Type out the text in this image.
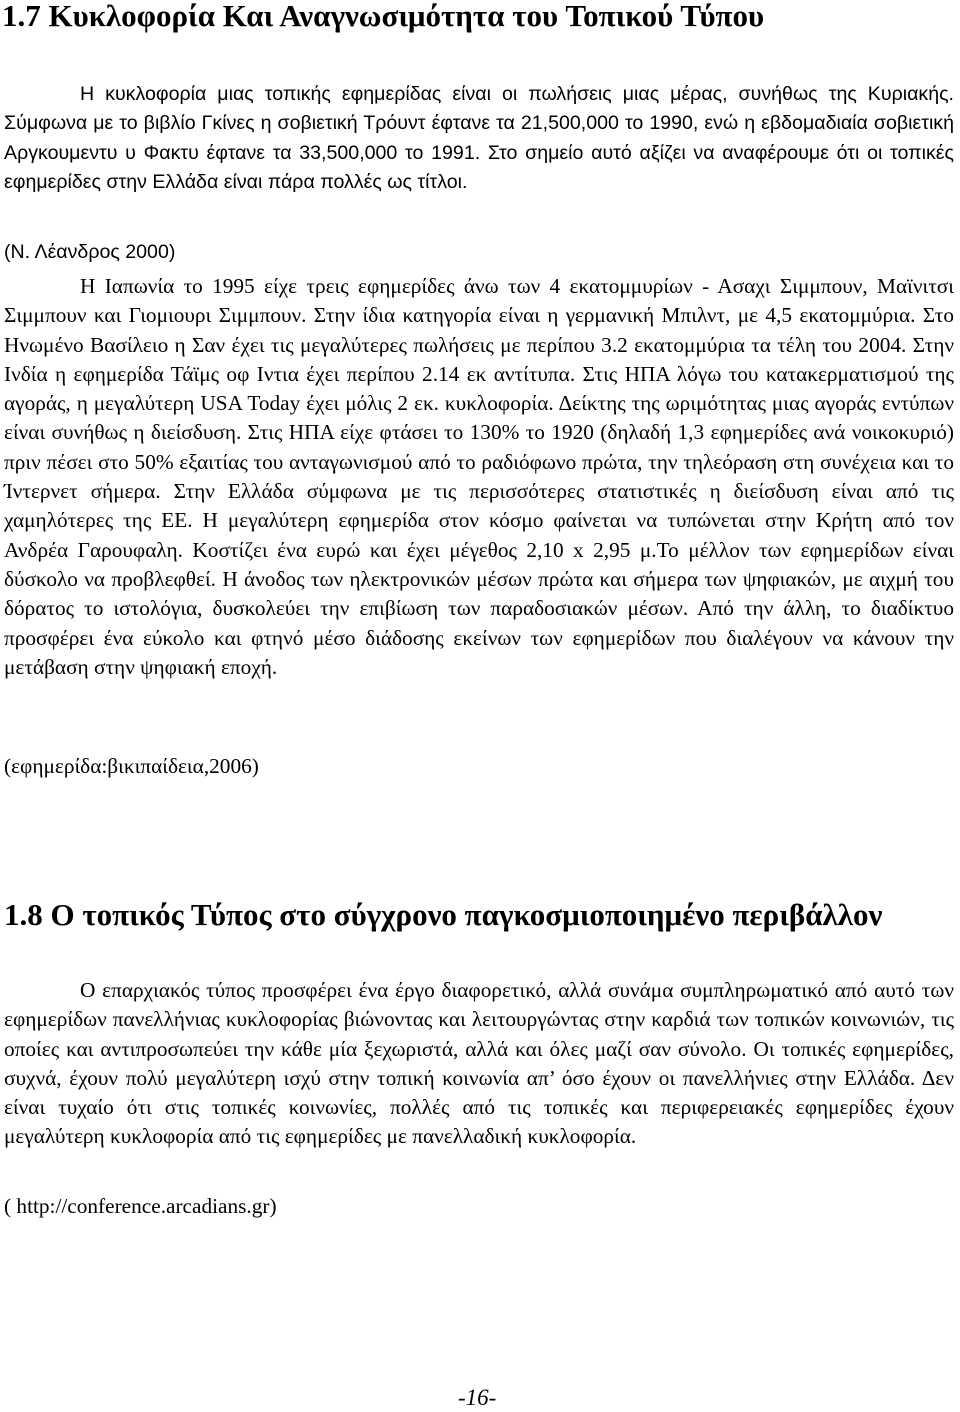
1.7 Κυκλοφορία Και Αναγνωσιμότητα του Τοπικού Τύπου

Η κυκλοφορία μιας τοπικής εφημερίδας είναι οι πωλήσεις μιας μέρας, συνήθως της Κυριακής. Σύμφωνα με το βιβλίο Γκίνες η σοβιετική Τρόυντ έφτανε τα 21,500,000 το 1990, ενώ η εβδομαδιαία σοβιετική Αργκουμεντυ υ Φακτυ έφτανε τα 33,500,000 το 1991. Στο σημείο αυτό αξίζει να αναφέρουμε ότι οι τοπικές εφημερίδες στην Ελλάδα είναι πάρα πολλές ως τίτλοι.

(Ν. Λέανδρος 2000)

Η Ιαπωνία το 1995 είχε τρεις εφημερίδες άνω των 4 εκατομμυρίων - Ασαχι Σιμμπουν, Μαϊνιτσι Σιμμπουν και Γιομιουρι Σιμμπουν. Στην ίδια κατηγορία είναι η γερμανική Μπιλντ, με 4,5 εκατομμύρια. Στο Ηνωμένο Βασίλειο η Σαν έχει τις μεγαλύτερες πωλήσεις με περίπου 3.2 εκατομμύρια τα τέλη του 2004. Στην Ινδία η εφημερίδα Τάϊμς οφ Ιντια έχει περίπου 2.14 εκ αντίτυπα. Στις ΗΠΑ λόγω του κατακερματισμού της αγοράς, η μεγαλύτερη USA Today έχει μόλις 2 εκ. κυκλοφορία. Δείκτης της ωριμότητας μιας αγοράς εντύπων είναι συνήθως η διείσδυση. Στις ΗΠΑ είχε φτάσει το 130% το 1920 (δηλαδή 1,3 εφημερίδες ανά νοικοκυριό) πριν πέσει στο 50% εξαιτίας του ανταγωνισμού από το ραδιόφωνο πρώτα, την τηλεόραση στη συνέχεια και το Ίντερνετ σήμερα. Στην Ελλάδα σύμφωνα με τις περισσότερες στατιστικές η διείσδυση είναι από τις χαμηλότερες της ΕΕ. Η μεγαλύτερη εφημερίδα στον κόσμο φαίνεται να τυπώνεται στην Κρήτη από τον Ανδρέα Γαρουφαλη. Κοστίζει ένα ευρώ και έχει μέγεθος 2,10 x 2,95 μ.Το μέλλον των εφημερίδων είναι δύσκολο να προβλεφθεί. Η άνοδος των ηλεκτρονικών μέσων πρώτα και σήμερα των ψηφιακών, με αιχμή του δόρατος το ιστολόγια, δυσκολεύει την επιβίωση των παραδοσιακών μέσων. Από την άλλη, το διαδίκτυο προσφέρει ένα εύκολο και φτηνό μέσο διάδοσης εκείνων των εφημερίδων που διαλέγουν να κάνουν την μετάβαση στην ψηφιακή εποχή.

(εφημερίδα:βικιπαίδεια,2006)

1.8 Ο τοπικός Τύπος στο σύγχρονο παγκοσμιοποιημένο περιβάλλον

Ο επαρχιακός τύπος προσφέρει ένα έργο διαφορετικό, αλλά συνάμα συμπληρωματικό από αυτό των εφημερίδων πανελλήνιας κυκλοφορίας βιώνοντας και λειτουργώντας στην καρδιά των τοπικών κοινωνιών, τις οποίες και αντιπροσωπεύει την κάθε μία ξεχωριστά, αλλά και όλες μαζί σαν σύνολο. Οι τοπικές εφημερίδες, συχνά, έχουν πολύ μεγαλύτερη ισχύ στην τοπική κοινωνία απ’ όσο έχουν οι πανελλήνιες στην Ελλάδα. Δεν είναι τυχαίο ότι στις τοπικές κοινωνίες, πολλές από τις τοπικές και περιφερειακές εφημερίδες έχουν μεγαλύτερη κυκλοφορία από τις εφημερίδες με πανελλαδική κυκλοφορία.

( http://conference.arcadians.gr)

-16-
